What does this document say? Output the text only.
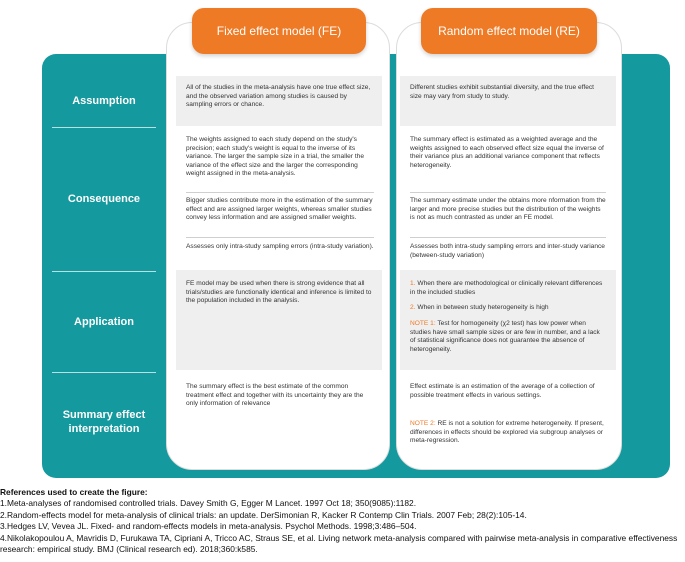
Fixed effect model (FE)	Random effect model (RE)
Assumption
Consequence
Application
Summary effect interpretation
All of the studies in the meta-analysis have one true effect size, and the observed variation among studies is caused by sampling errors or chance.
Different studies exhibit substantial diversity, and the true effect size may vary from study to study.
The weights assigned to each study depend on the study's precision; each study's weight is equal to the inverse of its variance. The larger the sample size in a trial, the smaller the variance of the effect size and the larger the corresponding weight assigned in the meta-analysis.
Bigger studies contribute more in the estimation of the summary effect and are assigned larger weights, whereas smaller studies convey less information and are assigned smaller weights.
Assesses only intra-study sampling errors (intra-study variation).
The summary effect is estimated as a weighted average and the weights assigned to each observed effect size equal the inverse of their variance plus an additional variance component that reflects heterogeneity.
The summary estimate under the obtains more nformation from the larger and more precise studies but the distribution of the weights is not as much contrasted as under an FE model.
Assesses both intra-study sampling errors and inter-study variance (between-study variation)
FE model may be used when there is strong evidence that all trials/studies are functionally identical and inference is limited to the population included in the analysis.
1. When there are methodological or clinically relevant differences in the included studies
2. When in between study heterogeneity is high
NOTE 1: Test for homogeneity (χ2 test) has low power when studies have small sample sizes or are few in number, and a lack of statistical significance does not guarantee the absence of heterogeneity.
The summary effect is the best estimate of the common treatment effect and together with its uncertainty they are the only information of relevance
Effect estimate is an estimation of the average of a collection of possible treatment effects in various settings.
NOTE 2: RE is not a solution for extreme heterogeneity. If present, differences in effects should be explored via subgroup analyses or meta-regression.
References used to create the figure:
1.Meta-analyses of randomised controlled trials. Davey Smith G, Egger M Lancet. 1997 Oct 18; 350(9085):1182.
2.Random-effects model for meta-analysis of clinical trials: an update. DerSimonian R, Kacker R Contemp Clin Trials. 2007 Feb; 28(2):105-14.
3.Hedges LV, Vevea JL. Fixed- and random-effects models in meta-analysis. Psychol Methods. 1998;3:486–504.
4.Nikolakopoulou A, Mavridis D, Furukawa TA, Cipriani A, Tricco AC, Straus SE, et al. Living network meta-analysis compared with pairwise meta-analysis in comparative effectiveness research: empirical study. BMJ (Clinical research ed). 2018;360:k585.
